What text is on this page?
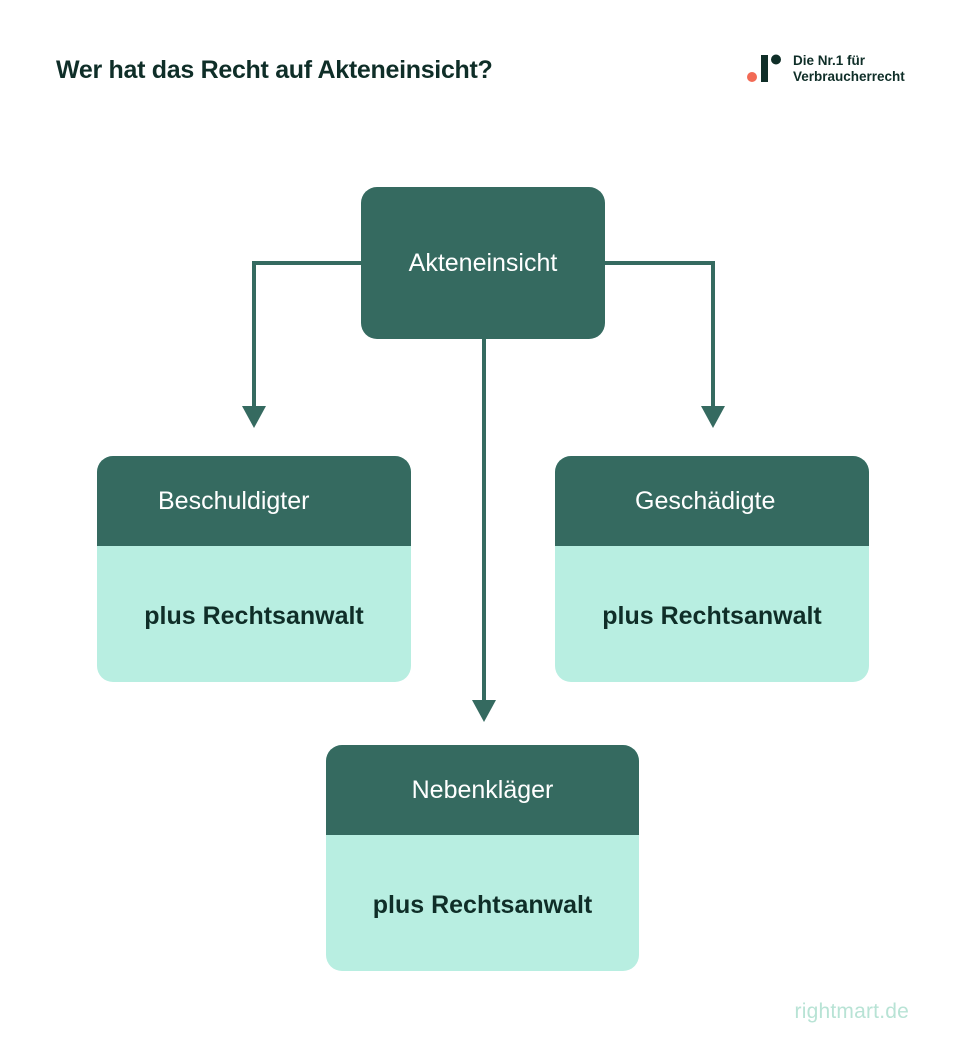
Wer hat das Recht auf Akteneinsicht?	Die Nr.1 für
Verbraucherrecht
Akteneinsicht
Beschuldigter
plus Rechtsanwalt
Geschädigte
plus Rechtsanwalt
Nebenkläger
plus Rechtsanwalt
rightmart.de
